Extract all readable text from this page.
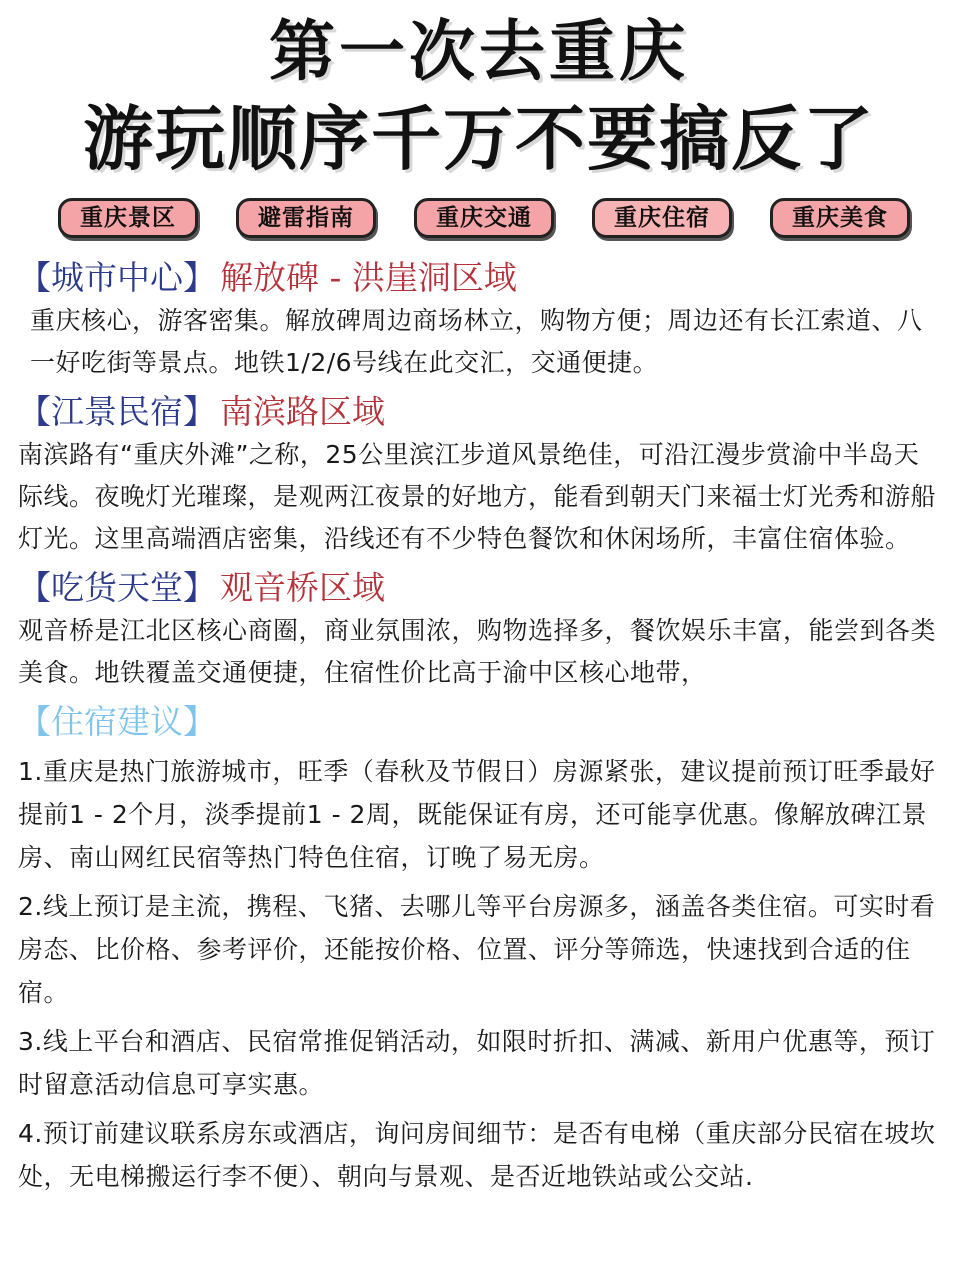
第一次去重庆
游玩顺序千万不要搞反了
重庆景区	避雷指南	重庆交通	重庆住宿	重庆美食

【城市中心】 解放碑 - 洪崖洞区域

重庆核心，游客密集。解放碑周边商场林立，购物方便；周边还有长江索道、八一好吃街等景点。地铁1/2/6号线在此交汇，交通便捷。

【江景民宿】 南滨路区域

南滨路有“重庆外滩”之称，25公里滨江步道风景绝佳，可沿江漫步赏渝中半岛天际线。夜晚灯光璀璨，是观两江夜景的好地方，能看到朝天门来福士灯光秀和游船灯光。这里高端酒店密集，沿线还有不少特色餐饮和休闲场所，丰富住宿体验。

【吃货天堂】 观音桥区域

观音桥是江北区核心商圈，商业氛围浓，购物选择多，餐饮娱乐丰富，能尝到各类美食。地铁覆盖交通便捷，住宿性价比高于渝中区核心地带，

【住宿建议】

1.重庆是热门旅游城市，旺季（春秋及节假日）房源紧张，建议提前预订旺季最好提前1 - 2个月，淡季提前1 - 2周，既能保证有房，还可能享优惠。像解放碑江景房、南山网红民宿等热门特色住宿，订晚了易无房。

2.线上预订是主流，携程、飞猪、去哪儿等平台房源多，涵盖各类住宿。可实时看房态、比价格、参考评价，还能按价格、位置、评分等筛选，快速找到合适的住宿。

3.线上平台和酒店、民宿常推促销活动，如限时折扣、满减、新用户优惠等，预订时留意活动信息可享实惠。

4.预订前建议联系房东或酒店，询问房间细节：是否有电梯（重庆部分民宿在坡坎处，无电梯搬运行李不便）、朝向与景观、是否近地铁站或公交站.
